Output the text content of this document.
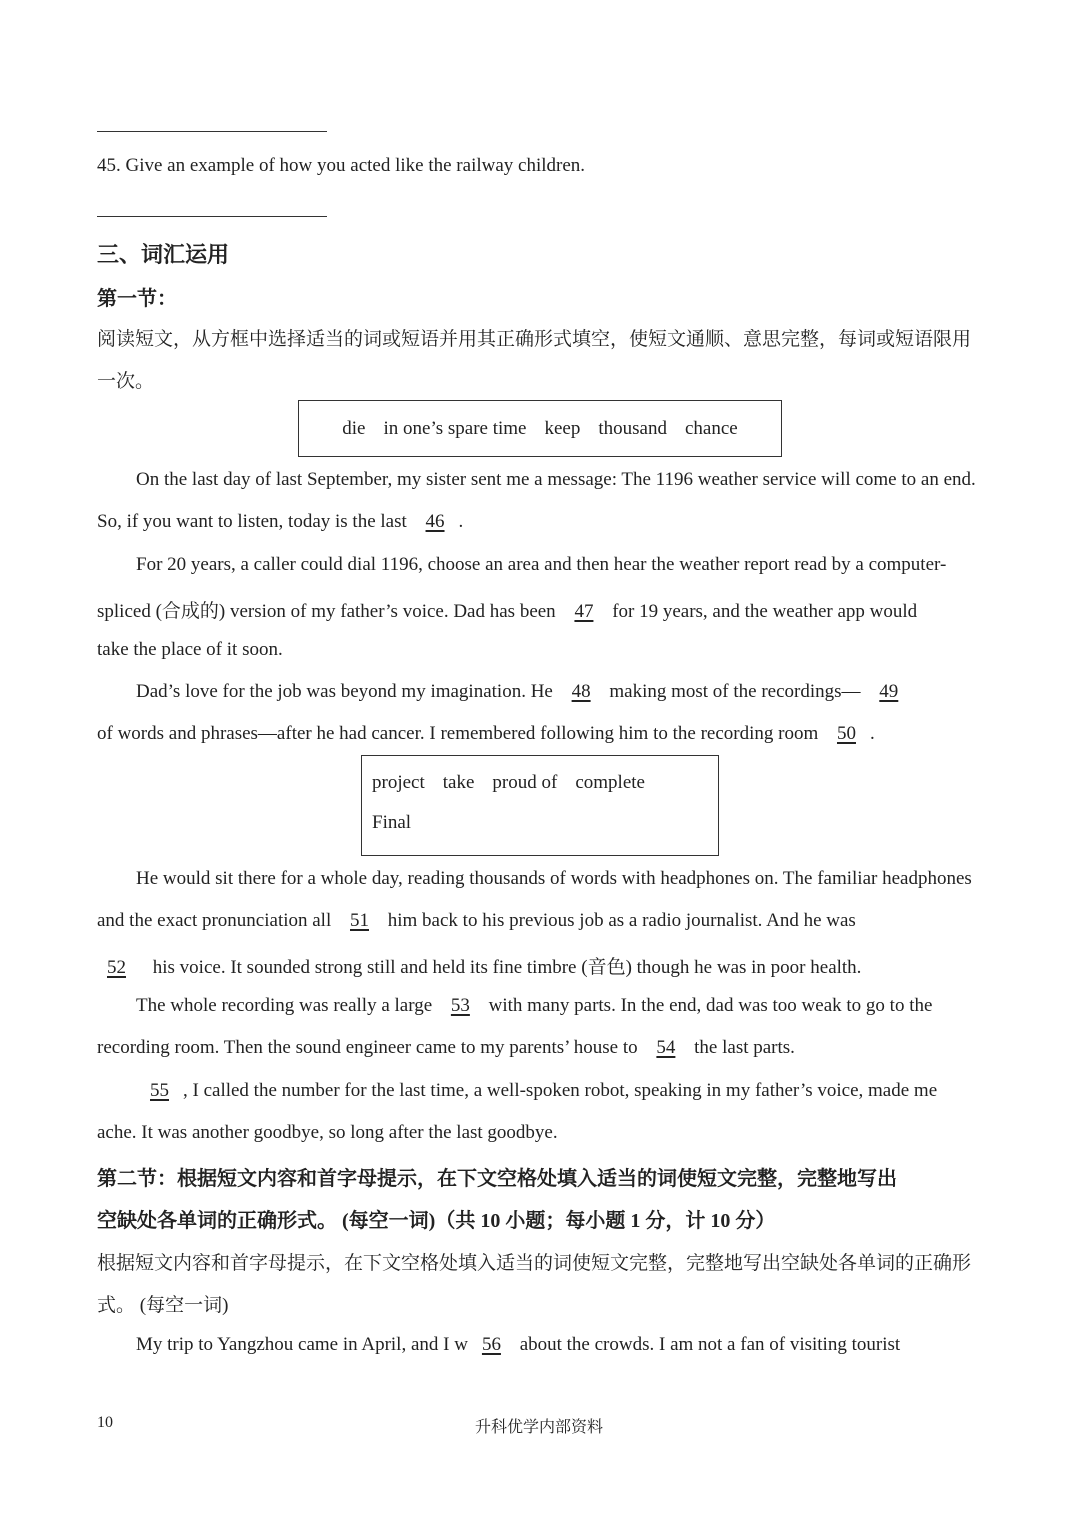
45. Give an example of how you acted like the railway children.
三、词汇运用
第一节：
阅读短文，从方框中选择适当的词或短语并用其正确形式填空，使短文通顺、意思完整，每词或短语限用
一次。
die in one’s spare time keep thousand chance
On the last day of last September, my sister sent me a message: The 1196 weather service will come to an end.
So, if you want to listen, today is the last 46 .
For 20 years, a caller could dial 1196, choose an area and then hear the weather report read by a computer-
spliced (合成的) version of my father’s voice. Dad has been 47 for 19 years, and the weather app would
take the place of it soon.
Dad’s love for the job was beyond my imagination. He 48 making most of the recordings— 49
of words and phrases—after he had cancer. I remembered following him to the recording room 50 .
project take proud of complete
Final
He would sit there for a whole day, reading thousands of words with headphones on. The familiar headphones
and the exact pronunciation all 51 him back to his previous job as a radio journalist. And he was
52 his voice. It sounded strong still and held its fine timbre (音色) though he was in poor health.
The whole recording was really a large 53 with many parts. In the end, dad was too weak to go to the
recording room. Then the sound engineer came to my parents’ house to 54 the last parts.
55 , I called the number for the last time, a well-spoken robot, speaking in my father’s voice, made me
ache. It was another goodbye, so long after the last goodbye.
第二节：根据短文内容和首字母提示，在下文空格处填入适当的词使短文完整，完整地写出
空缺处各单词的正确形式。 (每空一词)（共 10 小题；每小题 1 分，计 10 分）
根据短文内容和首字母提示，在下文空格处填入适当的词使短文完整，完整地写出空缺处各单词的正确形
式。 (每空一词)
My trip to Yangzhou came in April, and I w 56 about the crowds. I am not a fan of visiting tourist
10	升科优学内部资料
